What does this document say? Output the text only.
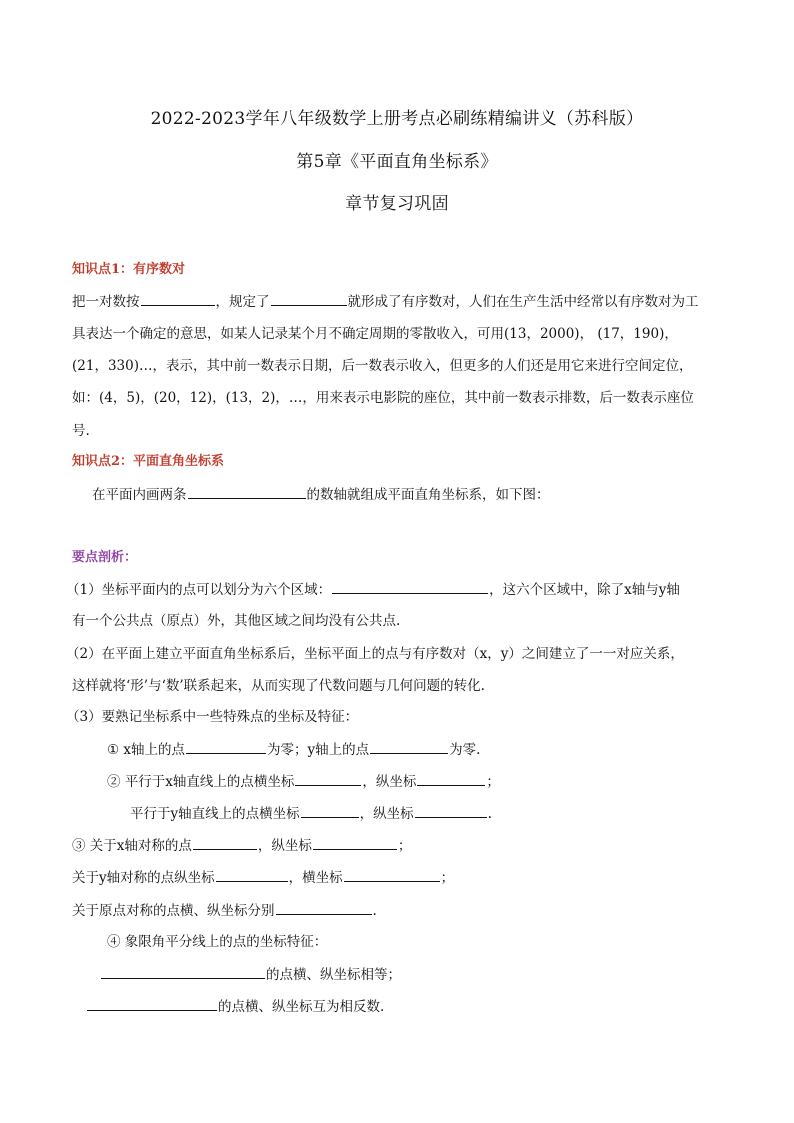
2022-2023学年八年级数学上册考点必刷练精编讲义（苏科版）
第5章《平面直角坐标系》
章节复习巩固
知识点1：有序数对
把一对数按	，规定了	就形成了有序数对，人们在生产生活中经常以有序数对为工
具表达一个确定的意思，如某人记录某个月不确定周期的零散收入，可用(13，2000)， (17，190)，
(21，330)…，表示，其中前一数表示日期，后一数表示收入，但更多的人们还是用它来进行空间定位，
如：(4，5)，(20，12)，(13，2)，…，用来表示电影院的座位，其中前一数表示排数，后一数表示座位
号.
知识点2：平面直角坐标系
在平面内画两条	的数轴就组成平面直角坐标系，如下图：
要点剖析：
（1）坐标平面内的点可以划分为六个区域：	，这六个区域中，除了x轴与y轴
有一个公共点（原点）外，其他区域之间均没有公共点.
（2）在平面上建立平面直角坐标系后，坐标平面上的点与有序数对（x，y）之间建立了一一对应关系，
这样就将‘形’与‘数’联系起来，从而实现了代数问题与几何问题的转化.
（3）要熟记坐标系中一些特殊点的坐标及特征：
① x轴上的点	为零；y轴上的点	为零.
② 平行于x轴直线上的点横坐标	，纵坐标	；
平行于y轴直线上的点横坐标	，纵坐标	.
③ 关于x轴对称的点	，纵坐标	；
关于y轴对称的点纵坐标	，横坐标	；
关于原点对称的点横、纵坐标分别	.
④ 象限角平分线上的点的坐标特征：
的点横、纵坐标相等；
的点横、纵坐标互为相反数.
